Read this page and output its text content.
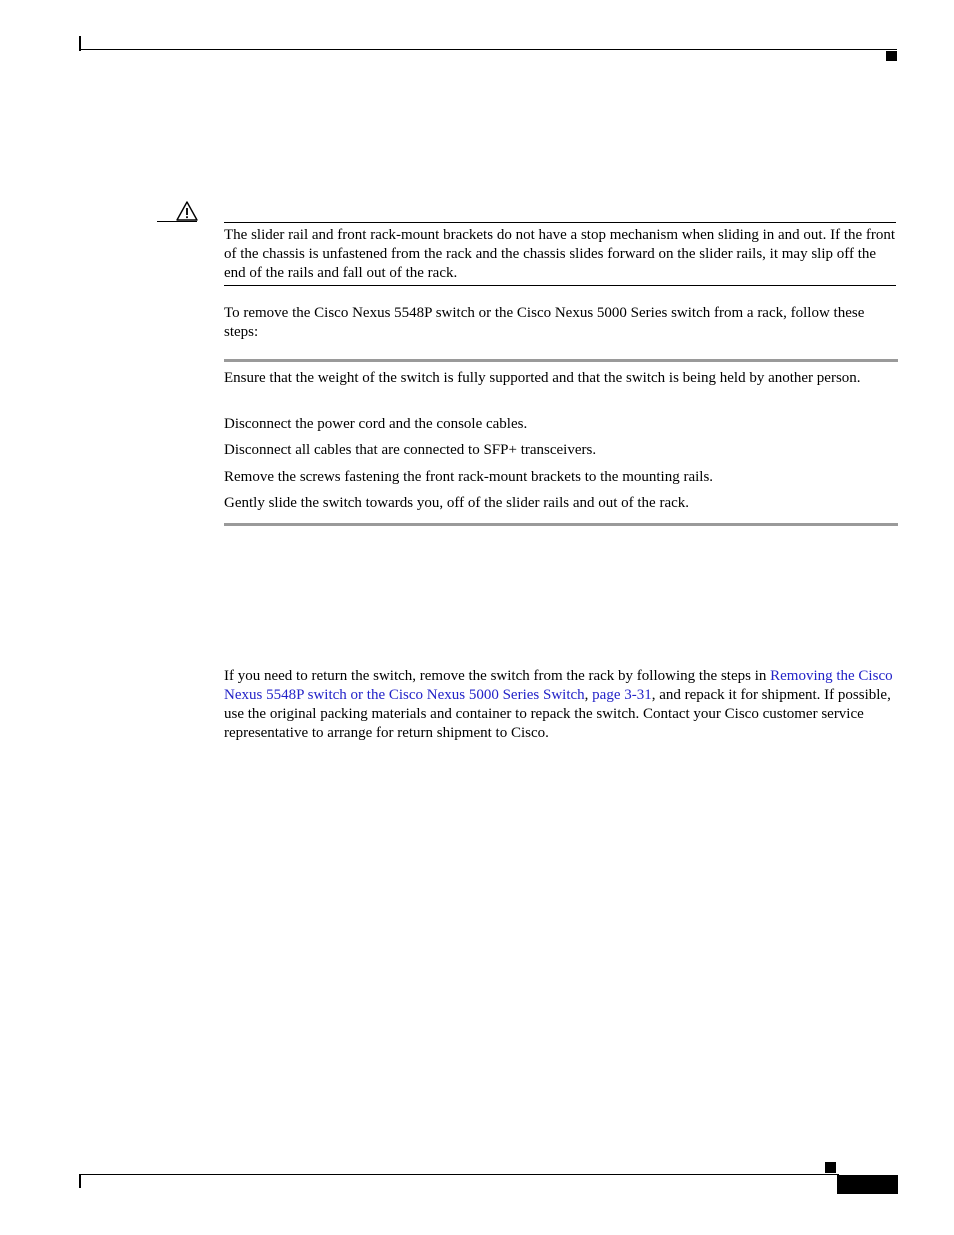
The slider rail and front rack-mount brackets do not have a stop mechanism when sliding in and out. If the front of the chassis is unfastened from the rack and the chassis slides forward on the slider rails, it may slip off the end of the rails and fall out of the rack.
To remove the Cisco Nexus 5548P switch or the Cisco Nexus 5000 Series switch from a rack, follow these steps:
Ensure that the weight of the switch is fully supported and that the switch is being held by another person.
Disconnect the power cord and the console cables.
Disconnect all cables that are connected to SFP+ transceivers.
Remove the screws fastening the front rack-mount brackets to the mounting rails.
Gently slide the switch towards you, off of the slider rails and out of the rack.
If you need to return the switch, remove the switch from the rack by following the steps in Removing the Cisco Nexus 5548P switch or the Cisco Nexus 5000 Series Switch, page 3-31, and repack it for shipment. If possible, use the original packing materials and container to repack the switch. Contact your Cisco customer service representative to arrange for return shipment to Cisco.
